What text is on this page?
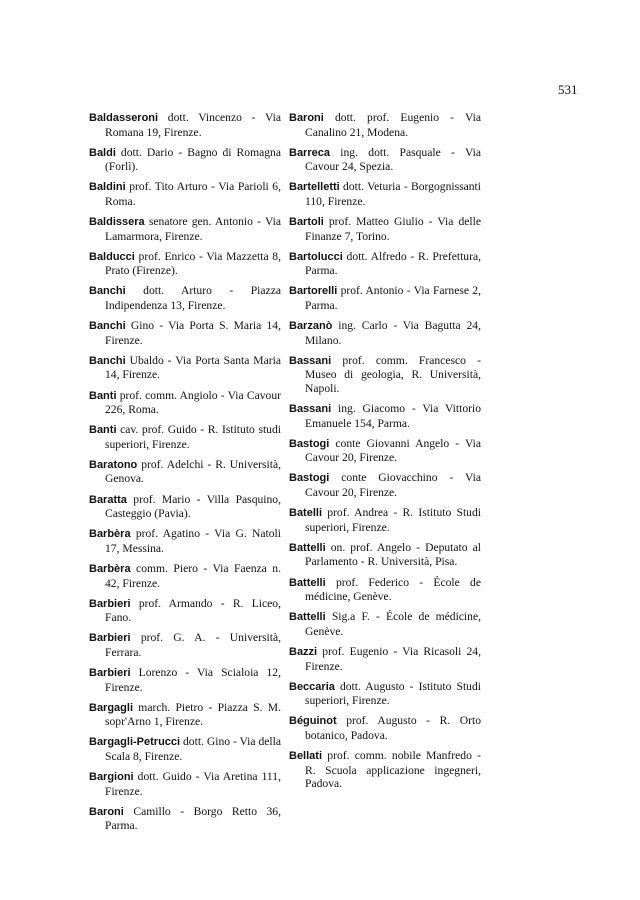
531

Baldasseroni dott. Vincenzo - Via Romana 19, Firenze.

Baldi dott. Dario - Bagno di Romagna (Forlì).

Baldini prof. Tito Arturo - Via Parioli 6, Roma.

Baldissera senatore gen. Antonio - Via Lamarmora, Firenze.

Balducci prof. Enrico - Via Mazzetta 8, Prato (Firenze).

Banchi dott. Arturo - Piazza Indipendenza 13, Firenze.

Banchi Gino - Via Porta S. Maria 14, Firenze.

Banchi Ubaldo - Via Porta Santa Maria 14, Firenze.

Banti prof. comm. Angiolo - Via Cavour 226, Roma.

Banti cav. prof. Guido - R. Istituto studi superiori, Firenze.

Baratono prof. Adelchi - R. Università, Genova.

Baratta prof. Mario - Villa Pasquino, Casteggio (Pavia).

Barbèra prof. Agatino - Via G. Natoli 17, Messina.

Barbèra comm. Piero - Via Faenza n. 42, Firenze.

Barbieri prof. Armando - R. Liceo, Fano.

Barbieri prof. G. A. - Università, Ferrara.

Barbieri Lorenzo - Via Scialoia 12, Firenze.

Bargagli march. Pietro - Piazza S. M. sopr'Arno 1, Firenze.

Bargagli-Petrucci dott. Gino - Via della Scala 8, Firenze.

Bargioni dott. Guido - Via Aretina 111, Firenze.

Baroni Camillo - Borgo Retto 36, Parma.

Baroni dott. prof. Eugenio - Via Canalino 21, Modena.

Barreca ing. dott. Pasquale - Via Cavour 24, Spezia.

Bartelletti dott. Veturia - Borgognissanti 110, Firenze.

Bartoli prof. Matteo Giulio - Via delle Finanze 7, Torino.

Bartolucci dott. Alfredo - R. Prefettura, Parma.

Bartorelli prof. Antonio - Via Farnese 2, Parma.

Barzanò ing. Carlo - Via Bagutta 24, Milano.

Bassani prof. comm. Francesco - Museo di geologia, R. Università, Napoli.

Bassani ing. Giacomo - Via Vittorio Emanuele 154, Parma.

Bastogi conte Giovanni Angelo - Via Cavour 20, Firenze.

Bastogi conte Giovacchino - Via Cavour 20, Firenze.

Batelli prof. Andrea - R. Istituto Studi superiori, Firenze.

Battelli on. prof. Angelo - Deputato al Parlamento - R. Università, Pisa.

Battelli prof. Federico - École de médicine, Genève.

Battelli Sig.a F. - École de médicine, Genève.

Bazzi prof. Eugenio - Via Ricasoli 24, Firenze.

Beccaria dott. Augusto - Istituto Studi superiori, Firenze.

Béguinot prof. Augusto - R. Orto botanico, Padova.

Bellati prof. comm. nobile Manfredo - R. Scuola applicazione ingegneri, Padova.
